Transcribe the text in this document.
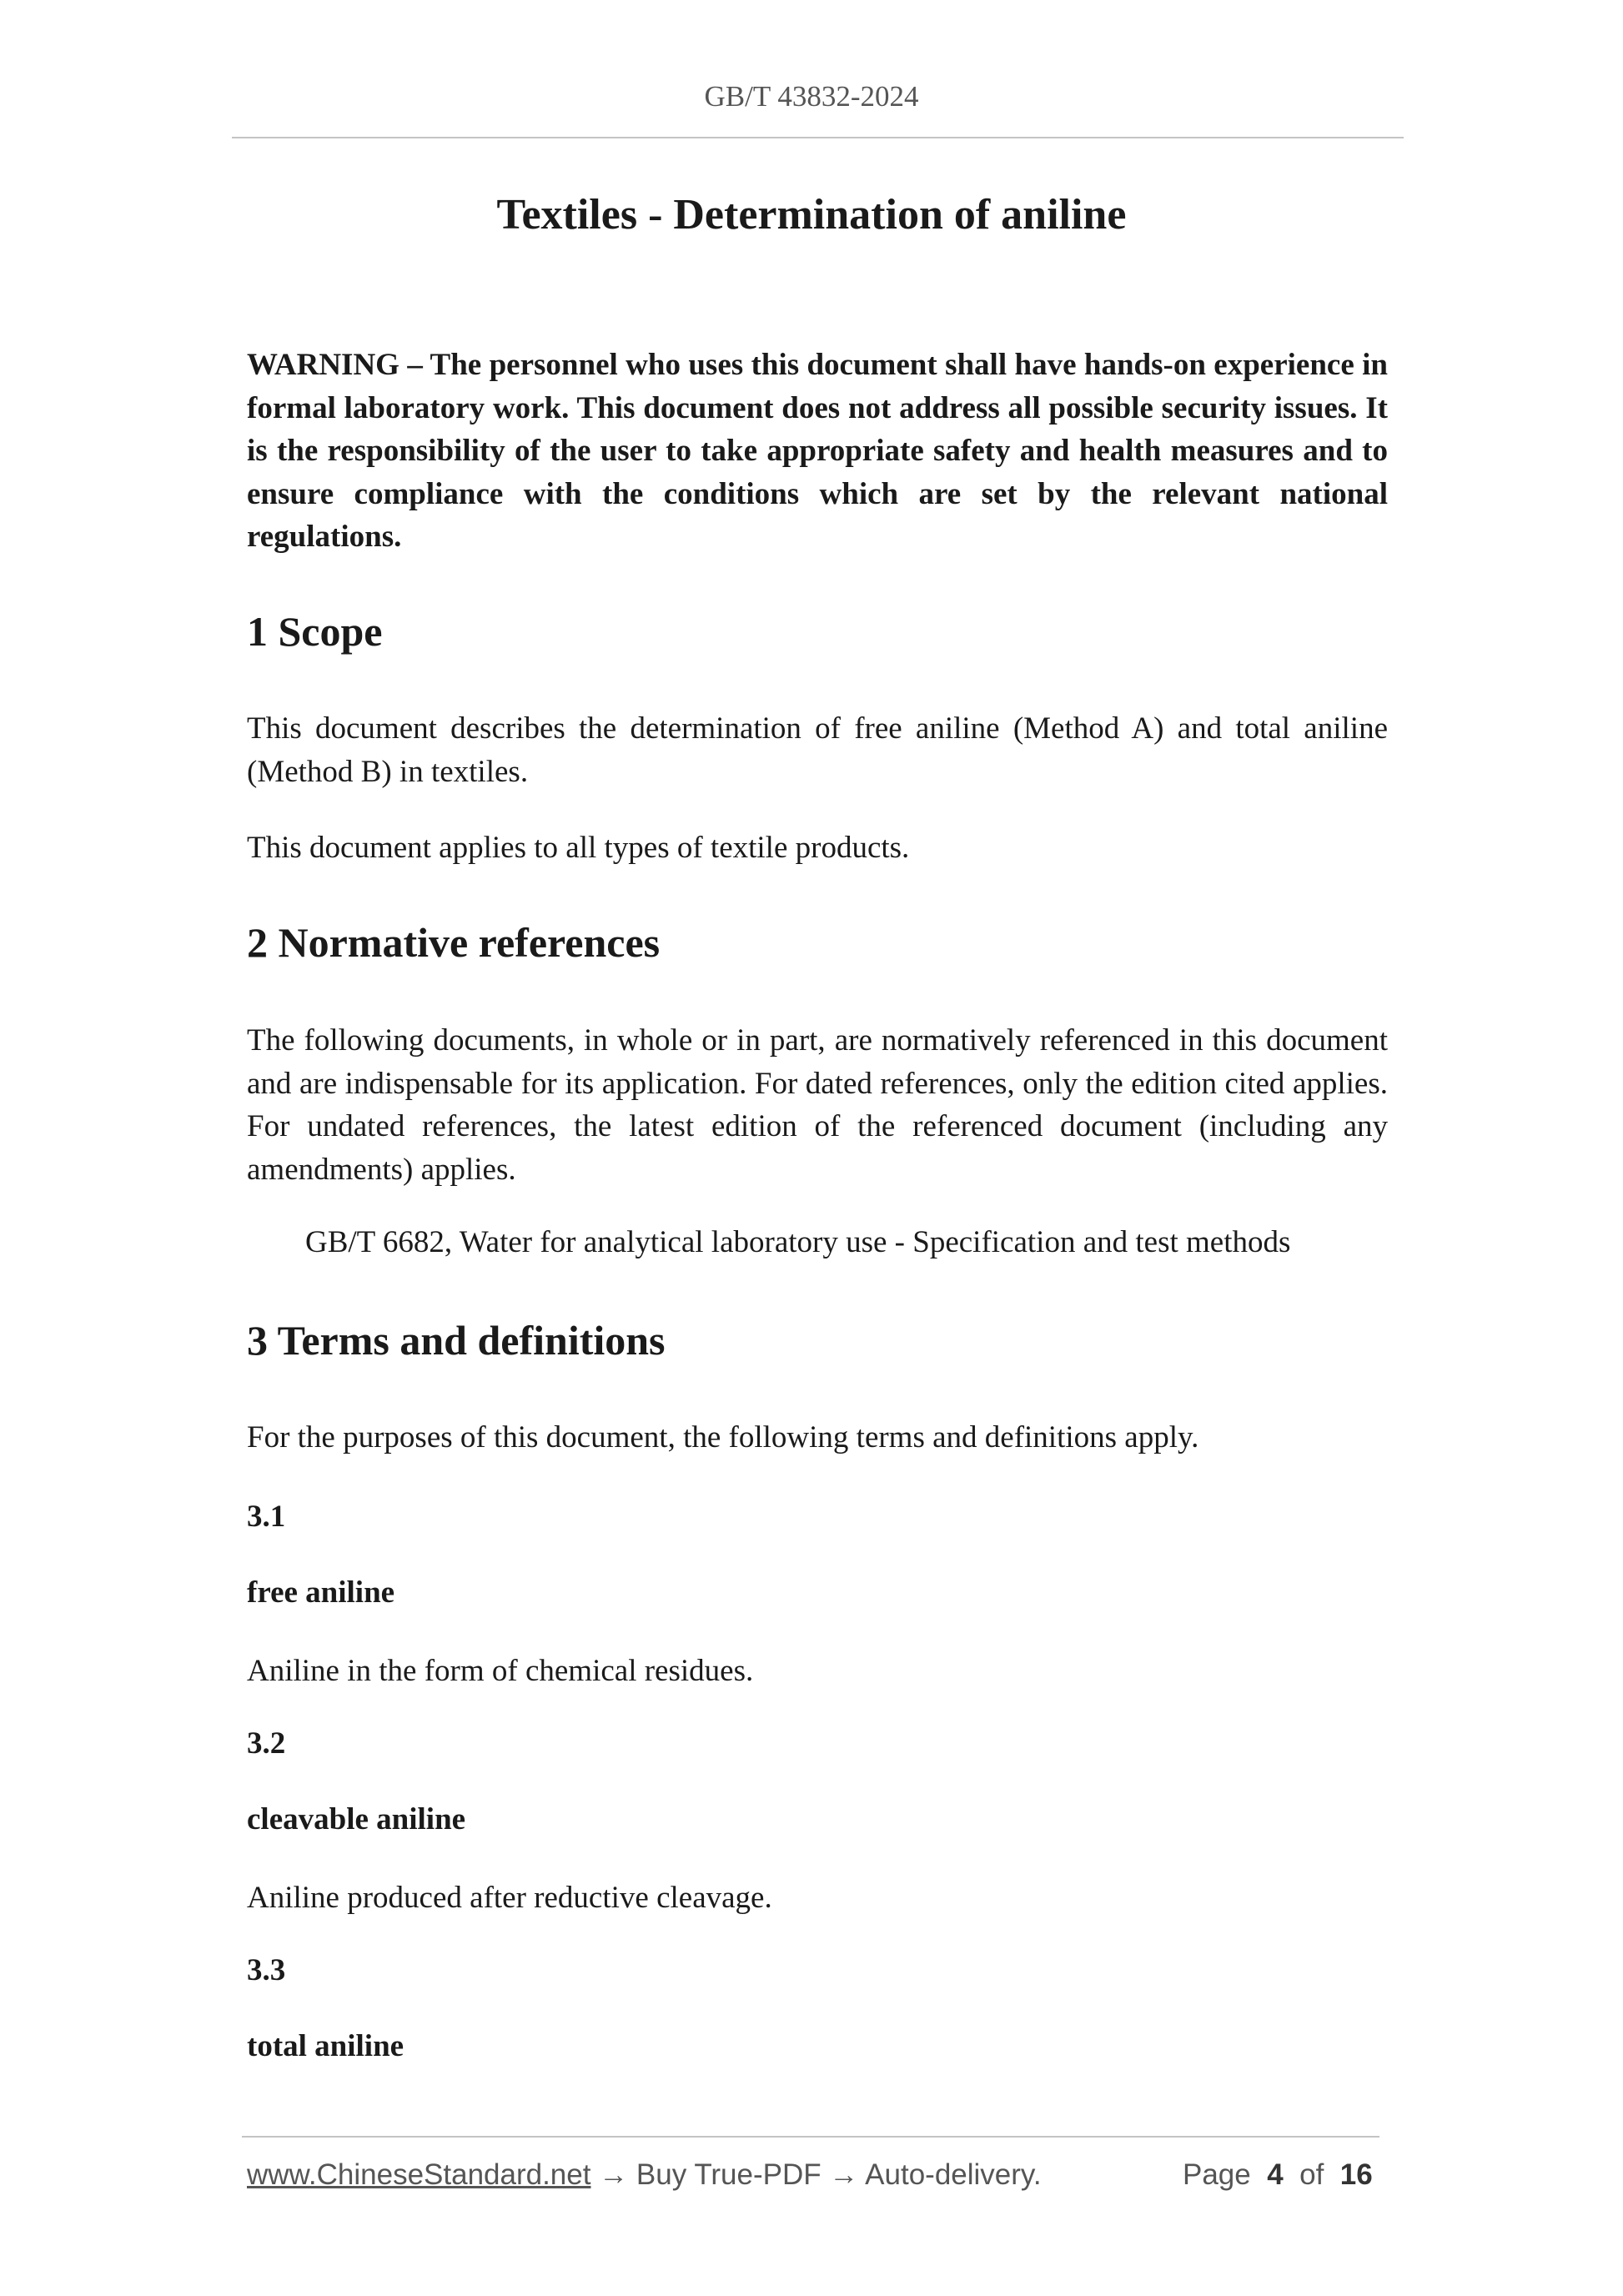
GB/T 43832-2024
Textiles - Determination of aniline
WARNING – The personnel who uses this document shall have hands-on experience in formal laboratory work. This document does not address all possible security issues. It is the responsibility of the user to take appropriate safety and health measures and to ensure compliance with the conditions which are set by the relevant national regulations.
1 Scope
This document describes the determination of free aniline (Method A) and total aniline (Method B) in textiles.
This document applies to all types of textile products.
2 Normative references
The following documents, in whole or in part, are normatively referenced in this document and are indispensable for its application. For dated references, only the edition cited applies. For undated references, the latest edition of the referenced document (including any amendments) applies.
GB/T 6682, Water for analytical laboratory use - Specification and test methods
3 Terms and definitions
For the purposes of this document, the following terms and definitions apply.
3.1
free aniline
Aniline in the form of chemical residues.
3.2
cleavable aniline
Aniline produced after reductive cleavage.
3.3
total aniline
www.ChineseStandard.net → Buy True-PDF → Auto-delivery.	Page 4 of 16
